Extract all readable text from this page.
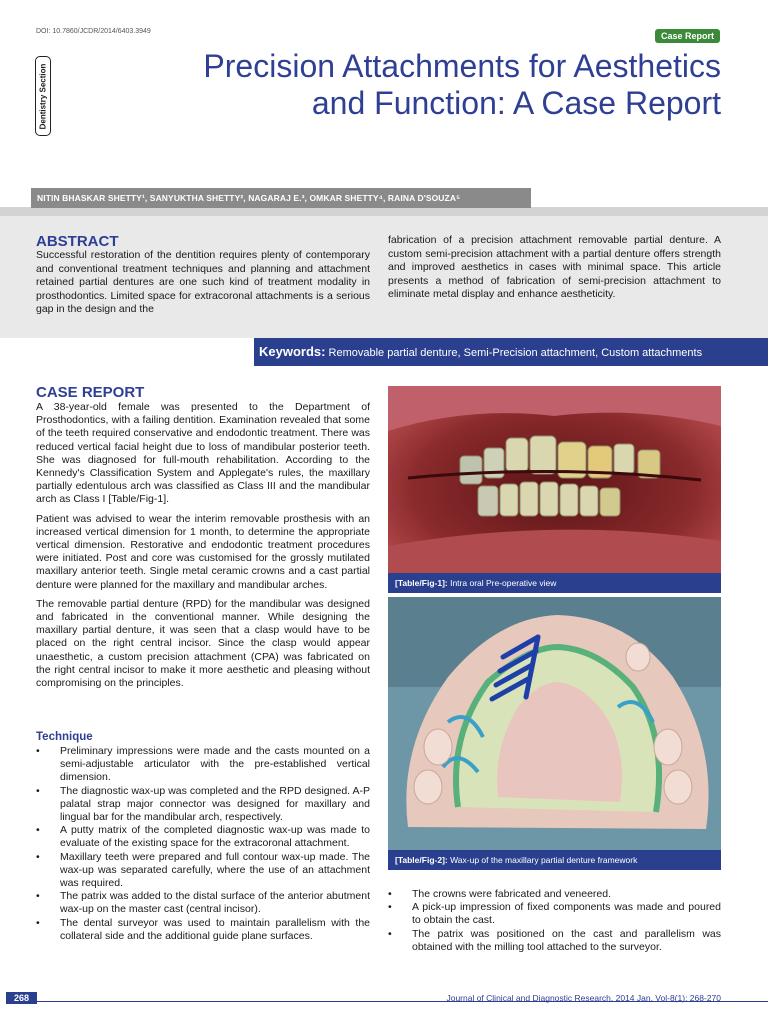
DOI: 10.7860/JCDR/2014/6403.3949	Case Report
Dentistry Section	Precision Attachments for Aesthetics
and Function: A Case Report
NITIN BHASKAR SHETTY¹, SANYUKTHA SHETTY², NAGARAJ E.³, OMKAR SHETTY⁴, RAINA D'SOUZA⁵
ABSTRACT
Successful restoration of the dentition requires plenty of contemporary and conventional treatment techniques and planning and attachment retained partial dentures are one such kind of treatment modality in prosthodontics. Limited space for extracoronal attachments is a serious gap in the design and the
fabrication of a precision attachment removable partial denture. A custom semi-precision attachment with a partial denture offers strength and improved aesthetics in cases with minimal space. This article presents a method of fabrication of semi-precision attachment to eliminate metal display and enhance aestheticity.
Keywords: Removable partial denture, Semi-Precision attachment, Custom attachments
CASE REPORT

A 38-year-old female was presented to the Department of Prosthodontics, with a failing dentition. Examination revealed that some of the teeth required conservative and endodontic treatment. There was reduced vertical facial height due to loss of mandibular posterior teeth. She was diagnosed for full-mouth rehabilitation. According to the Kennedy's Classification System and Applegate's rules, the maxillary partially edentulous arch was classified as Class III and the mandibular arch as Class I [Table/Fig-1].

Patient was advised to wear the interim removable prosthesis with an increased vertical dimension for 1 month, to determine the appropriate vertical dimension. Restorative and endodontic treatment procedures were initiated. Post and core was customised for the grossly mutilated maxillary anterior teeth. Single metal ceramic crowns and a cast partial denture were planned for the maxillary and mandibular arches.

The removable partial denture (RPD) for the mandibular was designed and fabricated in the conventional manner. While designing the maxillary partial denture, it was seen that a clasp would have to be placed on the right central incisor. Since the clasp would appear unaesthetic, a custom precision attachment (CPA) was fabricated on the right central incisor to make it more aesthetic and pleasing without compromising on the principles.

Technique
• Preliminary impressions were made and the casts mounted on a semi-adjustable articulator with the pre-established vertical dimension.
• The diagnostic wax-up was completed and the RPD designed. A-P palatal strap major connector was designed for maxillary and lingual bar for the mandibular arch, respectively.
• A putty matrix of the completed diagnostic wax-up was made to evaluate of the existing space for the extracoronal attachment.
• Maxillary teeth were prepared and full contour wax-up made. The wax-up was separated carefully, where the use of an attachment was required.
• The patrix was added to the distal surface of the anterior abutment wax-up on the master cast (central incisor).
• The dental surveyor was used to maintain parallelism with the collateral side and the additional guide plane surfaces.
[Table/Fig-1]: Intra oral Pre-operative view
[Table/Fig-2]: Wax-up of the maxillary partial denture framework
• The crowns were fabricated and veneered.
• A pick-up impression of fixed components was made and poured to obtain the cast.
• The patrix was positioned on the cast and parallelism was obtained with the milling tool attached to the surveyor.
268	Journal of Clinical and Diagnostic Research. 2014 Jan, Vol-8(1): 268-270
